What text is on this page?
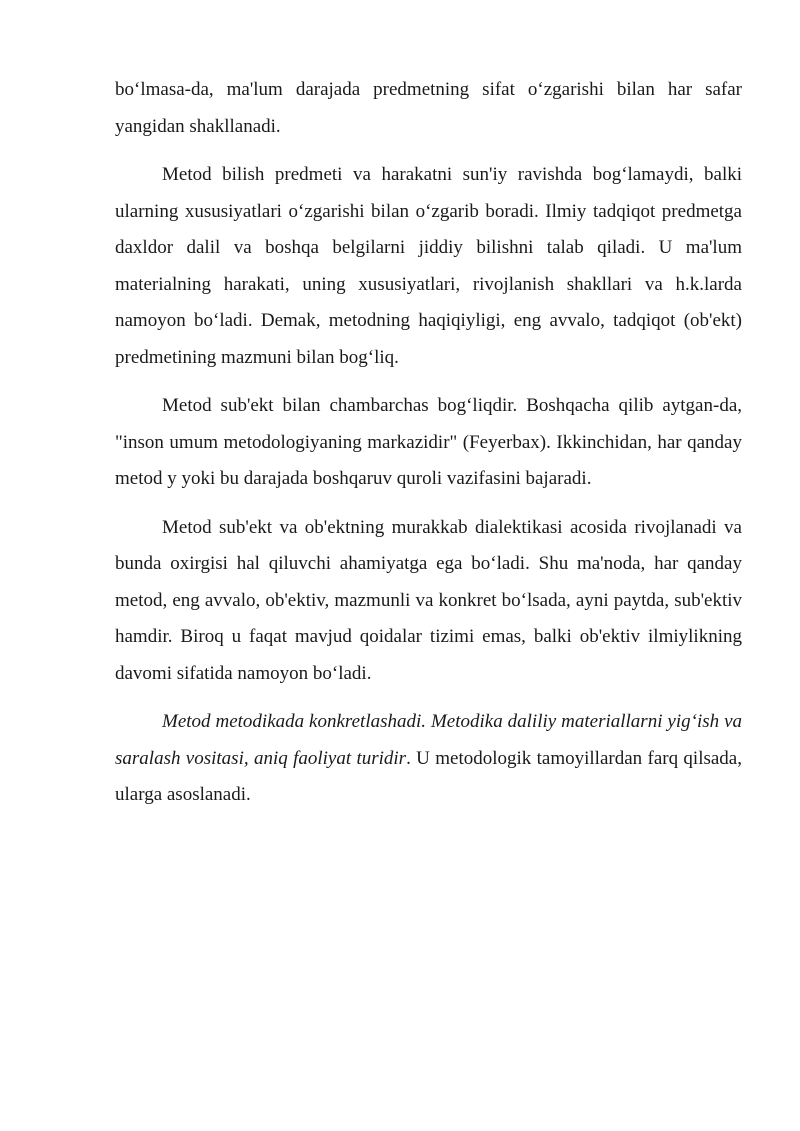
bo‘lmasa-da, ma'lum darajada predmetning sifat o‘zgarishi bilan har safar yangidan shakllanadi.

Metod bilish predmeti va harakatni sun'iy ravishda bog‘lamaydi, balki ularning xususiyatlari o‘zgarishi bilan o‘zgarib boradi. Ilmiy tadqiqot predmetga daxldor dalil va boshqa belgilarni jiddiy bilishni talab qiladi. U ma'lum materialning harakati, uning xususiyatlari, rivojlanish shakllari va h.k.larda namoyon bo‘ladi. Demak, metodning haqiqiyligi, eng avvalo, tadqiqot (ob'ekt) predmetining mazmuni bilan bog‘liq.

Metod sub'ekt bilan chambarchas bog‘liqdir. Boshqacha qilib aytgan-da, "inson umum metodologiyaning markazidir" (Feyerbax). Ikkinchidan, har qanday metod y yoki bu darajada boshqaruv quroli vazifasini bajaradi.

Metod sub'ekt va ob'ektning murakkab dialektikasi acosida rivojlanadi va bunda oxirgisi hal qiluvchi ahamiyatga ega bo‘ladi. Shu ma'noda, har qanday metod, eng avvalo, ob'ektiv, mazmunli va konkret bo‘lsada, ayni paytda, sub'ektiv hamdir. Biroq u faqat mavjud qoidalar tizimi emas, balki ob'ektiv ilmiylikning davomi sifatida namoyon bo‘ladi.

Metod metodikada konkretlashadi. Metodika daliliy materiallarni yig‘ish va saralash vositasi, aniq faoliyat turidir. U metodologik tamoyillardan farq qilsada, ularga asoslanadi.
